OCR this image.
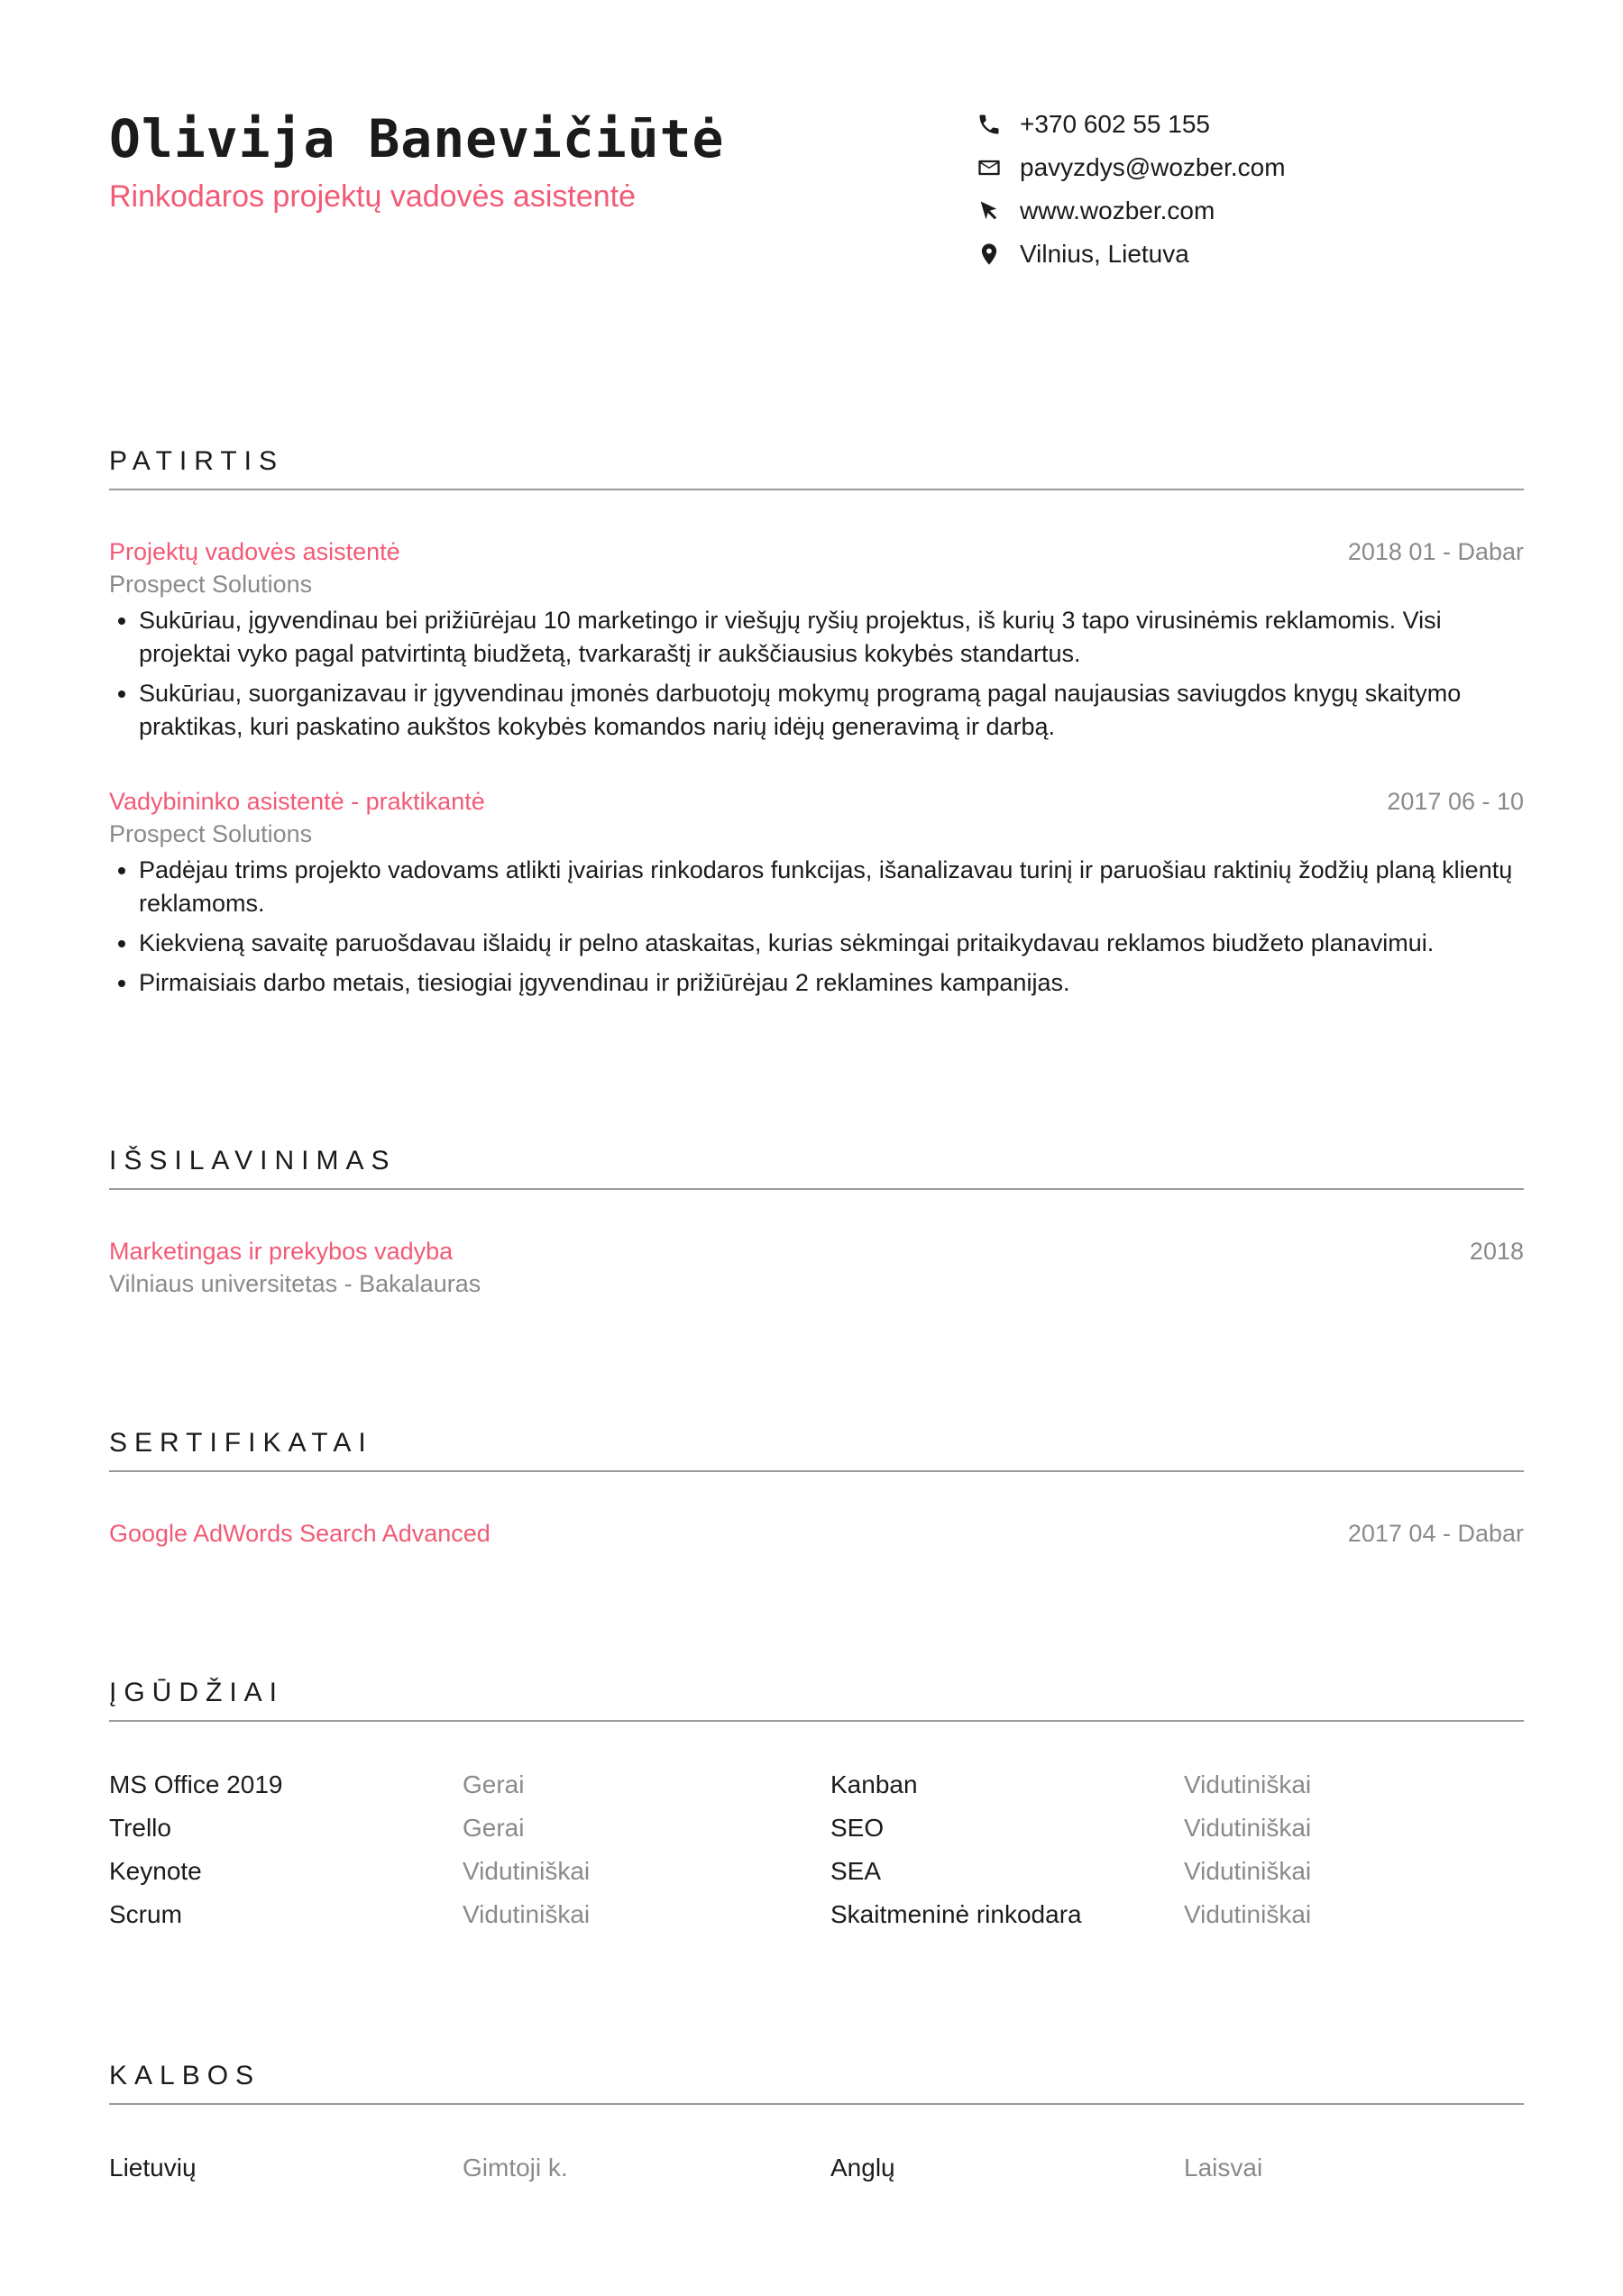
Olivija Banevičiūtė
Rinkodaros projektų vadovės asistentė
+370 602 55 155
pavyzdys@wozber.com
www.wozber.com
Vilnius, Lietuva
PATIRTIS
Projektų vadovės asistentė	2018 01 - Dabar
Prospect Solutions
• Sukūriau, įgyvendinau bei prižiūrėjau 10 marketingo ir viešųjų ryšių projektus, iš kurių 3 tapo virusinėmis reklamomis. Visi projektai vyko pagal patvirtintą biudžetą, tvarkaraštį ir aukščiausius kokybės standartus.
• Sukūriau, suorganizavau ir įgyvendinau įmonės darbuotojų mokymų programą pagal naujausias saviugdos knygų skaitymo praktikas, kuri paskatino aukštos kokybės komandos narių idėjų generavimą ir darbą.
Vadybininko asistentė - praktikantė	2017 06 - 10
Prospect Solutions
• Padėjau trims projekto vadovams atlikti įvairias rinkodaros funkcijas, išanalizavau turinį ir paruošiau raktinių žodžių planą klientų reklamoms.
• Kiekvieną savaitę paruošdavau išlaidų ir pelno ataskaitas, kurias sėkmingai pritaikydavau reklamos biudžeto planavimui.
• Pirmaisiais darbo metais, tiesiogiai įgyvendinau ir prižiūrėjau 2 reklamines kampanijas.
IŠSILAVINIMAS
Marketingas ir prekybos vadyba	2018
Vilniaus universitetas - Bakalauras
SERTIFIKATAI
Google AdWords Search Advanced	2017 04 - Dabar
ĮGŪDŽIAI
MS Office 2019	Gerai	Kanban	Vidutiniškai
Trello	Gerai	SEO	Vidutiniškai
Keynote	Vidutiniškai	SEA	Vidutiniškai
Scrum	Vidutiniškai	Skaitmeninė rinkodara	Vidutiniškai
KALBOS
Lietuvių	Gimtoji k.	Anglų	Laisvai
